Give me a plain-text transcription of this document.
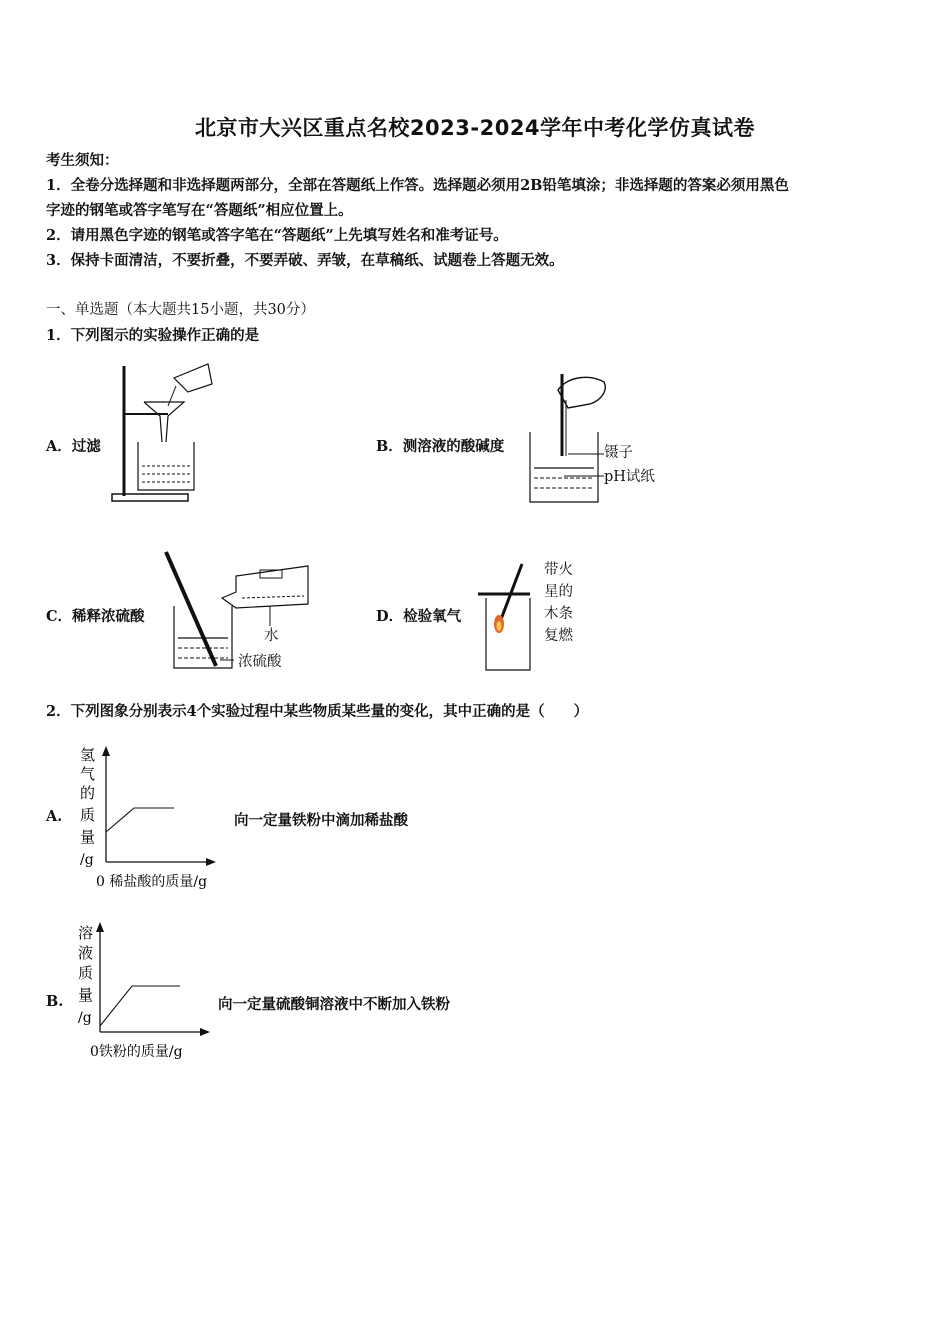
北京市大兴区重点名校2023-2024学年中考化学仿真试卷
考生须知：
1．全卷分选择题和非选择题两部分，全部在答题纸上作答。选择题必须用2B铅笔填涂；非选择题的答案必须用黑色
字迹的钢笔或答字笔写在“答题纸”相应位置上。
2．请用黑色字迹的钢笔或答字笔在“答题纸”上先填写姓名和准考证号。
3．保持卡面清洁，不要折叠，不要弄破、弄皱，在草稿纸、试题卷上答题无效。
一、单选题（本大题共15小题，共30分）
1．下列图示的实验操作正确的是
A．过滤	B．测溶液的酸碱度	镊子
pH试纸
C．稀释浓硫酸
水
浓硫酸
D．检验氧气
带火
星的
木条
复燃
2．下列图象分别表示4个实验过程中某些物质某些量的变化，其中正确的是（　　）
A.
氢
气
的
质
量
/g
0 稀盐酸的质量/g
向一定量铁粉中滴加稀盐酸
B.
溶
液
质
量
/g
0铁粉的质量/g
向一定量硫酸铜溶液中不断加入铁粉
